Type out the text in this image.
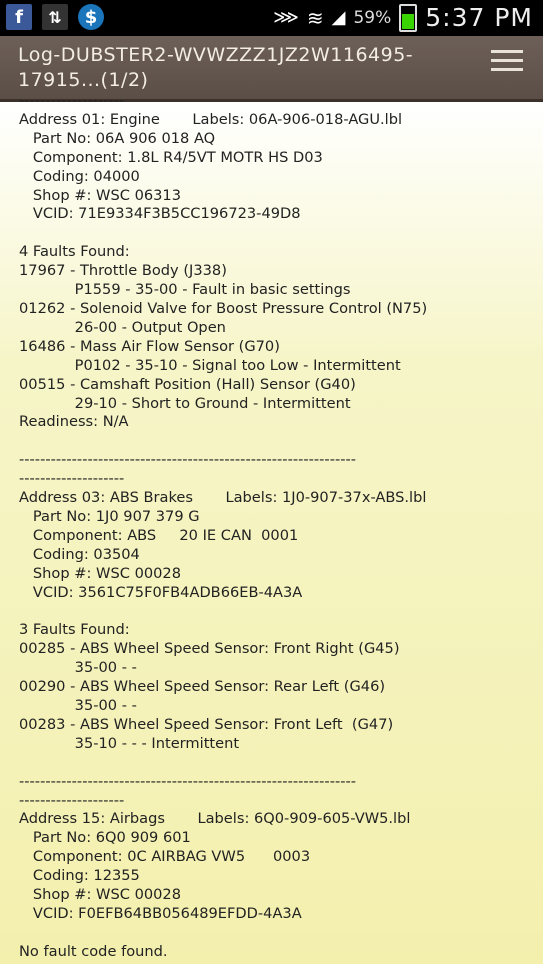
f	⇅	$	⋙ ≋ ◢ 59% 5:37 PM
Log-DUBSTER2-WVWZZZ1JZ2W116495-17915...(1/2)
--------------------
Address 01: Engine       Labels: 06A-906-018-AGU.lbl
Part No: 06A 906 018 AQ
Component: 1.8L R4/5VT MOTR HS D03
Coding: 04000
Shop #: WSC 06313
VCID: 71E9334F3B5CC196723-49D8

4 Faults Found:
17967 - Throttle Body (J338)
P1559 - 35-00 - Fault in basic settings
01262 - Solenoid Valve for Boost Pressure Control (N75)
26-00 - Output Open
16486 - Mass Air Flow Sensor (G70)
P0102 - 35-10 - Signal too Low - Intermittent
00515 - Camshaft Position (Hall) Sensor (G40)
29-10 - Short to Ground - Intermittent
Readiness: N/A

----------------------------------------------------------------
--------------------
Address 03: ABS Brakes       Labels: 1J0-907-37x-ABS.lbl
Part No: 1J0 907 379 G
Component: ABS     20 IE CAN  0001
Coding: 03504
Shop #: WSC 00028
VCID: 3561C75F0FB4ADB66EB-4A3A

3 Faults Found:
00285 - ABS Wheel Speed Sensor: Front Right (G45)
35-00 - -
00290 - ABS Wheel Speed Sensor: Rear Left (G46)
35-00 - -
00283 - ABS Wheel Speed Sensor: Front Left  (G47)
35-10 - - - Intermittent

----------------------------------------------------------------
--------------------
Address 15: Airbags       Labels: 6Q0-909-605-VW5.lbl
Part No: 6Q0 909 601
Component: 0C AIRBAG VW5      0003
Coding: 12355
Shop #: WSC 00028
VCID: F0EFB64BB056489EFDD-4A3A

No fault code found.
